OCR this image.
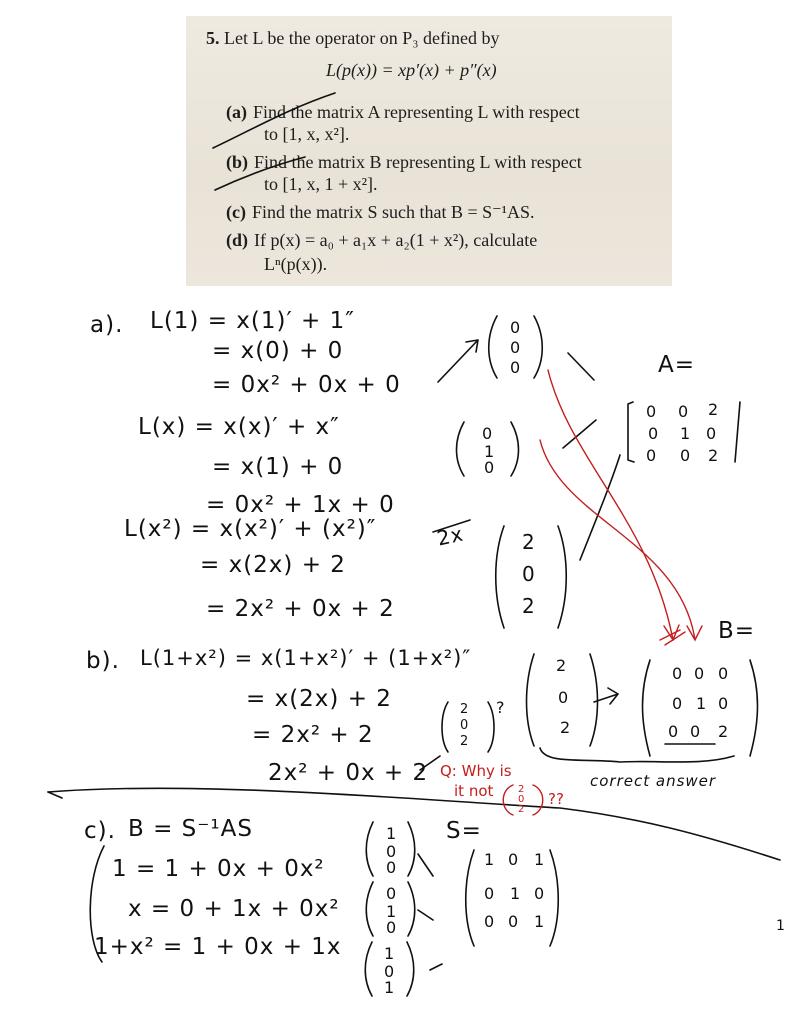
5. Let L be the operator on P₃ defined by
L(p(x)) = xp′(x) + p″(x)
(a) Find the matrix A representing L with respect
to [1, x, x²].
(b) Find the matrix B representing L with respect
to [1, x, 1 + x²].
(c) Find the matrix S such that B = S⁻¹AS.
(d) If p(x) = a₀ + a₁x + a₂(1 + x²), calculate
Lⁿ(p(x)).
a). L(1) = x(1)′ + 1″
= x(0) + 0
= 0x² + 0x + 0
L(x) = x(x)′ + x″
= x(1) + 0
= 0x² + 1x + 0
L(x²) = x(x²)′ + (x²)″
= x(2x) + 2
= 2x² + 0x + 2
2x
0
0
0
0
1
0
2
0
2
A=
0 0 2
0 1 0
0 0 2
b). L(1+x²) = x(1+x²)′ + (1+x²)″
= x(2x) + 2
= 2x² + 2
2x² + 0x + 2
2
0
2
?
2
0
2
B=
0 0 0
0 1 0
0 0 2
Q: Why is
it not 2
0
2
??
correct answer
c). B = S⁻¹AS
1 = 1 + 0x + 0x²
x = 0 + 1x + 0x²
1+x² = 1 + 0x + 1x
1
0
0
0
1
0
1
0
1
S=
1 0 1
0 1 0
0 0 1	1
